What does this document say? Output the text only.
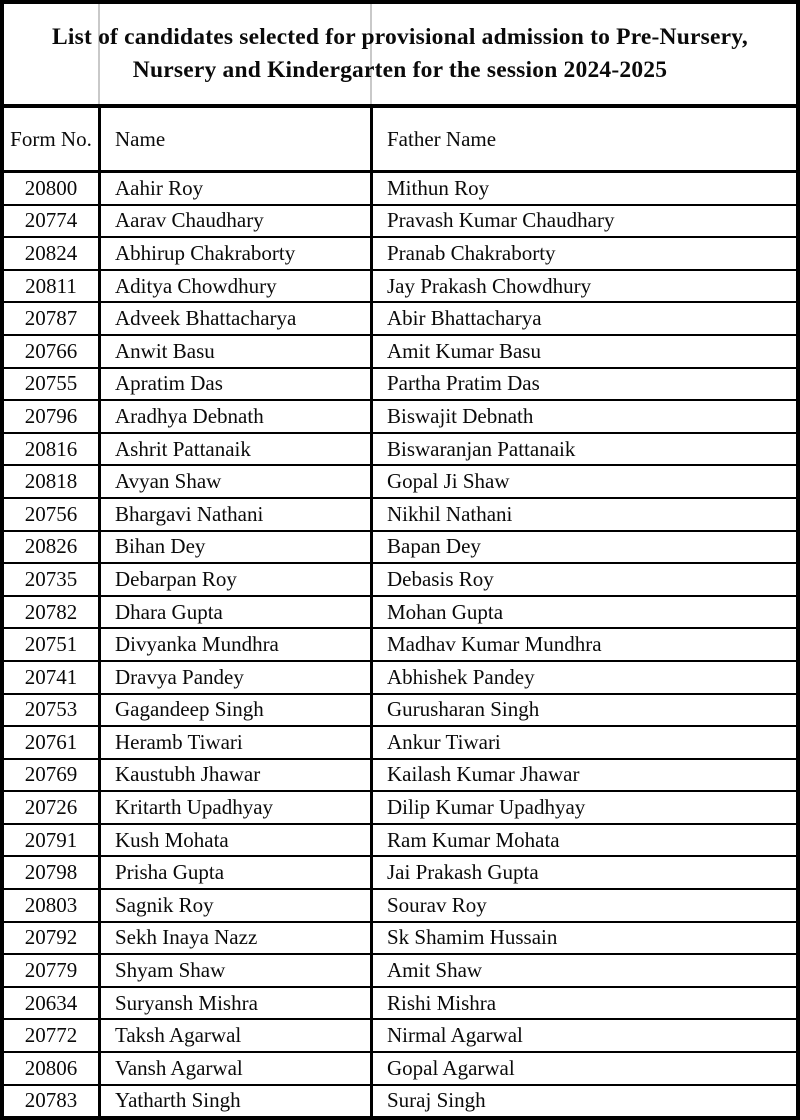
List of candidates selected for provisional admission to Pre-Nursery,
Nursery and Kindergarten for the session 2024-2025
Form No.	Name	Father Name
20800	Aahir Roy	Mithun Roy
20774	Aarav Chaudhary	Pravash Kumar Chaudhary
20824	Abhirup Chakraborty	Pranab Chakraborty
20811	Aditya Chowdhury	Jay Prakash Chowdhury
20787	Adveek Bhattacharya	Abir Bhattacharya
20766	Anwit Basu	Amit Kumar Basu
20755	Apratim Das	Partha Pratim Das
20796	Aradhya Debnath	Biswajit Debnath
20816	Ashrit Pattanaik	Biswaranjan Pattanaik
20818	Avyan Shaw	Gopal Ji Shaw
20756	Bhargavi Nathani	Nikhil Nathani
20826	Bihan Dey	Bapan Dey
20735	Debarpan Roy	Debasis Roy
20782	Dhara Gupta	Mohan Gupta
20751	Divyanka Mundhra	Madhav Kumar Mundhra
20741	Dravya Pandey	Abhishek Pandey
20753	Gagandeep Singh	Gurusharan Singh
20761	Heramb Tiwari	Ankur Tiwari
20769	Kaustubh Jhawar	Kailash Kumar Jhawar
20726	Kritarth Upadhyay	Dilip Kumar Upadhyay
20791	Kush Mohata	Ram Kumar Mohata
20798	Prisha Gupta	Jai Prakash Gupta
20803	Sagnik Roy	Sourav Roy
20792	Sekh Inaya Nazz	Sk Shamim Hussain
20779	Shyam Shaw	Amit Shaw
20634	Suryansh Mishra	Rishi Mishra
20772	Taksh Agarwal	Nirmal Agarwal
20806	Vansh Agarwal	Gopal Agarwal
20783	Yatharth Singh	Suraj Singh
